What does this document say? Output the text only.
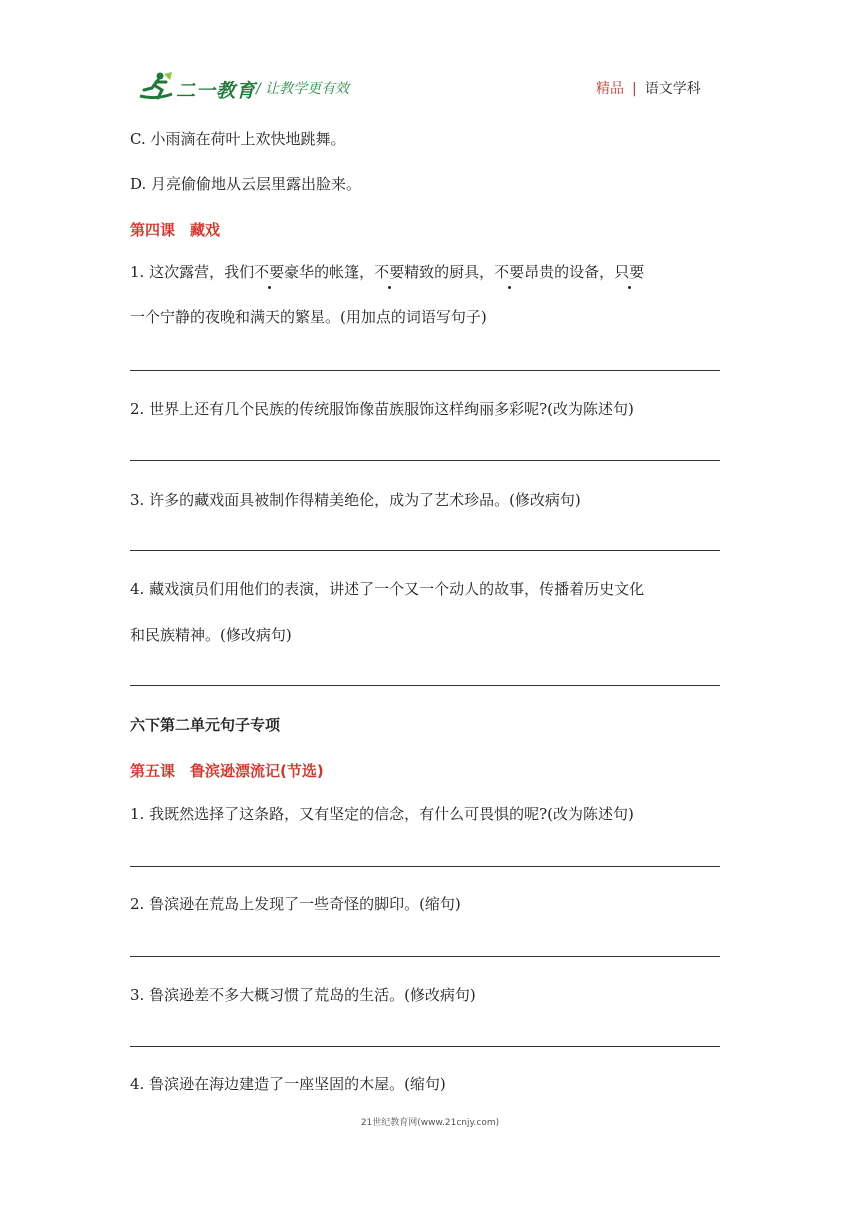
二一教育 / 让教学更有效	精品 | 语文学科
C. 小雨滴在荷叶上欢快地跳舞。
D. 月亮偷偷地从云层里露出脸来。
第四课　藏戏
1. 这次露营，我们不要豪华的帐篷，不要精致的厨具，不要昂贵的设备，只要
一个宁静的夜晚和满天的繁星。(用加点的词语写句子)
2. 世界上还有几个民族的传统服饰像苗族服饰这样绚丽多彩呢?(改为陈述句)
3. 许多的藏戏面具被制作得精美绝伦，成为了艺术珍品。(修改病句)
4. 藏戏演员们用他们的表演，讲述了一个又一个动人的故事，传播着历史文化
和民族精神。(修改病句)
六下第二单元句子专项
第五课　鲁滨逊漂流记(节选)
1. 我既然选择了这条路，又有坚定的信念，有什么可畏惧的呢?(改为陈述句)
2. 鲁滨逊在荒岛上发现了一些奇怪的脚印。(缩句)
3. 鲁滨逊差不多大概习惯了荒岛的生活。(修改病句)
4. 鲁滨逊在海边建造了一座坚固的木屋。(缩句)
21世纪教育网(www.21cnjy.com)
